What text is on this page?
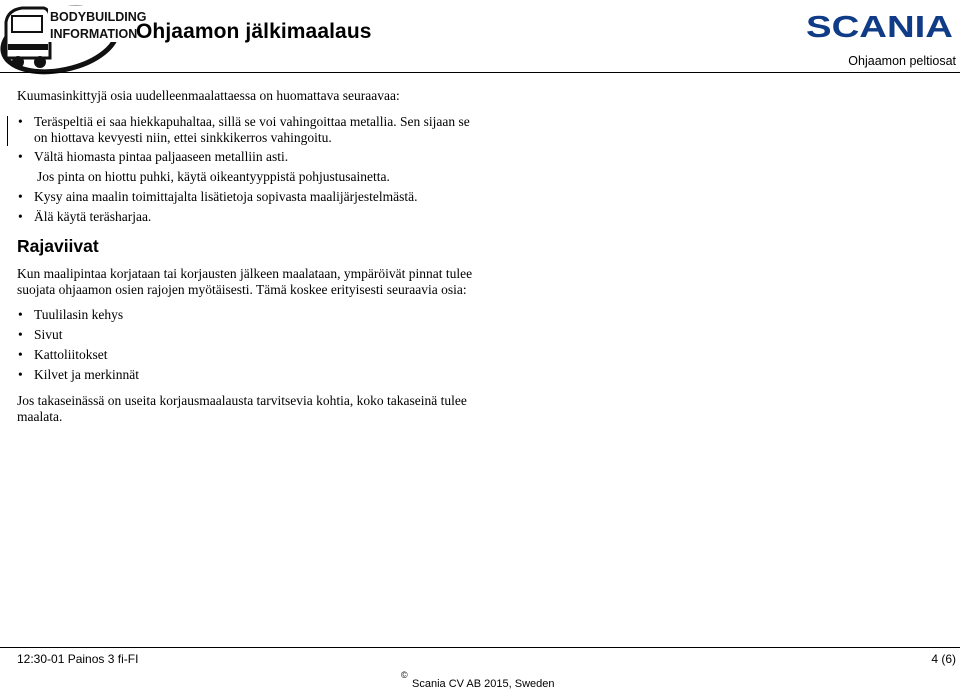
BODYBUILDING
INFORMATION
Ohjaamon jälkimaalaus	SCANIA
Ohjaamon peltiosat
Kuumasinkittyjä osia uudelleenmaalattaessa on huomattava seuraavaa:
• Teräspeltiä ei saa hiekkapuhaltaa, sillä se voi vahingoittaa metallia. Sen sijaan se on hiottava kevyesti niin, ettei sinkkikerros vahingoitu.
• Vältä hiomasta pintaa paljaaseen metalliin asti.
Jos pinta on hiottu puhki, käytä oikeantyyppistä pohjustusainetta.
• Kysy aina maalin toimittajalta lisätietoja sopivasta maalijärjestelmästä.
• Älä käytä teräsharjaa.
Rajaviivat
Kun maalipintaa korjataan tai korjausten jälkeen maalataan, ympäröivät pinnat tulee suojata ohjaamon osien rajojen myötäisesti. Tämä koskee erityisesti seuraavia osia:
• Tuulilasin kehys
• Sivut
• Kattoliitokset
• Kilvet ja merkinnät
Jos takaseinässä on useita korjausmaalausta tarvitsevia kohtia, koko takaseinä tulee maalata.
12:30-01 Painos 3 fi-FI	4 (6)
©
Scania CV AB 2015, Sweden
